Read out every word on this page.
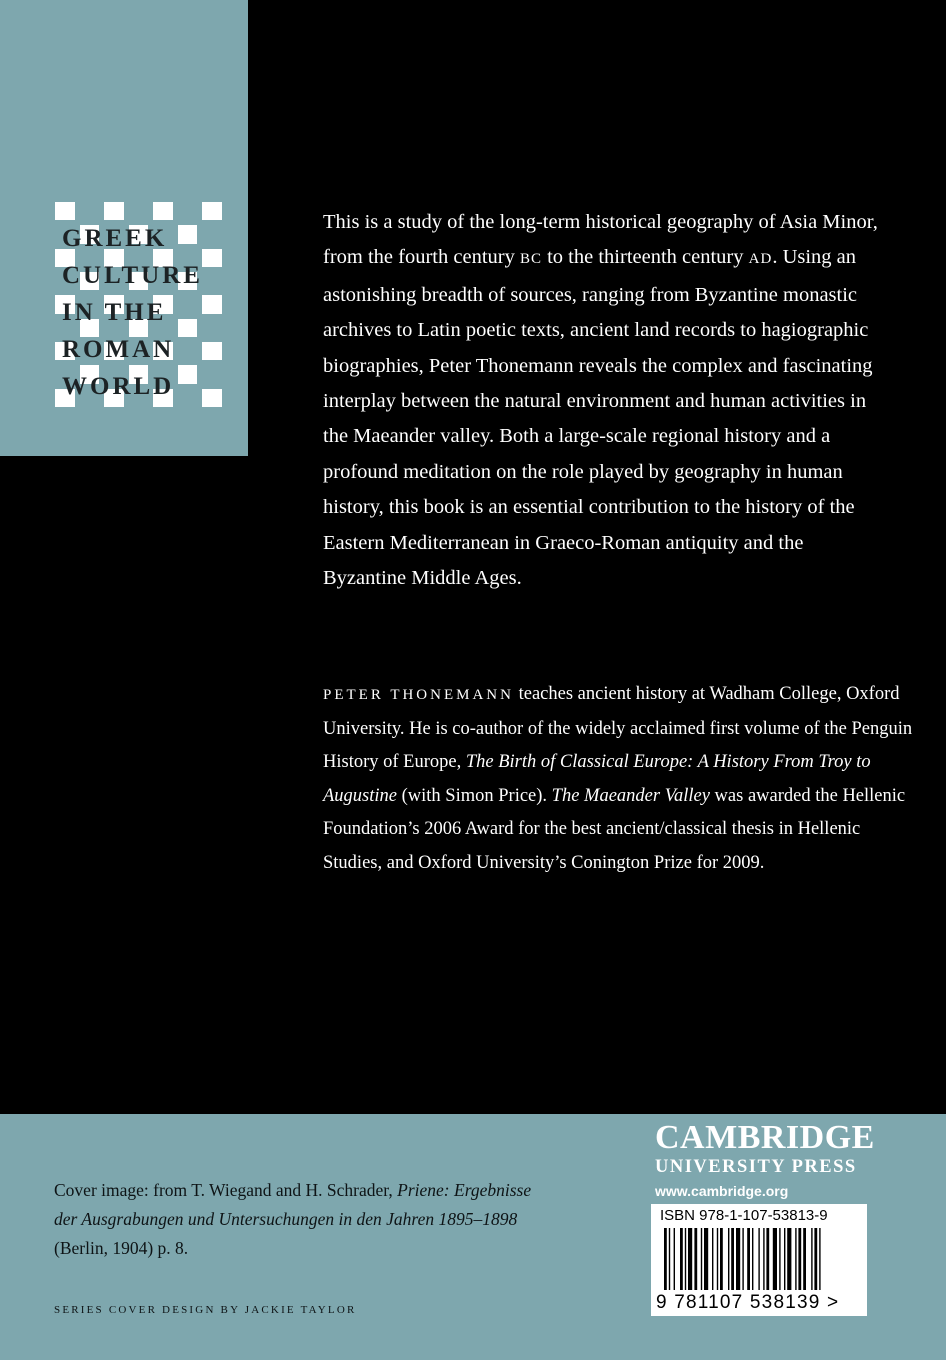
GREEK
CULTURE
IN THE
ROMAN
WORLD

This is a study of the long-term historical geography of Asia Minor, from the fourth century BC to the thirteenth century AD. Using an astonishing breadth of sources, ranging from Byzantine monastic archives to Latin poetic texts, ancient land records to hagiographic biographies, Peter Thonemann reveals the complex and fascinating interplay between the natural environment and human activities in the Maeander valley. Both a large-scale regional history and a profound meditation on the role played by geography in human history, this book is an essential contribution to the history of the Eastern Mediterranean in Graeco-Roman antiquity and the Byzantine Middle Ages.

PETER THONEMANN teaches ancient history at Wadham College, Oxford University. He is co-author of the widely acclaimed first volume of the Penguin History of Europe, The Birth of Classical Europe: A History From Troy to Augustine (with Simon Price). The Maeander Valley was awarded the Hellenic Foundation’s 2006 Award for the best ancient/classical thesis in Hellenic Studies, and Oxford University’s Conington Prize for 2009.

Cover image: from T. Wiegand and H. Schrader, Priene: Ergebnisse der Ausgrabungen und Untersuchungen in den Jahren 1895–1898 (Berlin, 1904) p. 8.
SERIES COVER DESIGN BY JACKIE TAYLOR
CAMBRIDGE
UNIVERSITY PRESS
www.cambridge.org
ISBN 978-1-107-53813-9
9 781107 538139 >
